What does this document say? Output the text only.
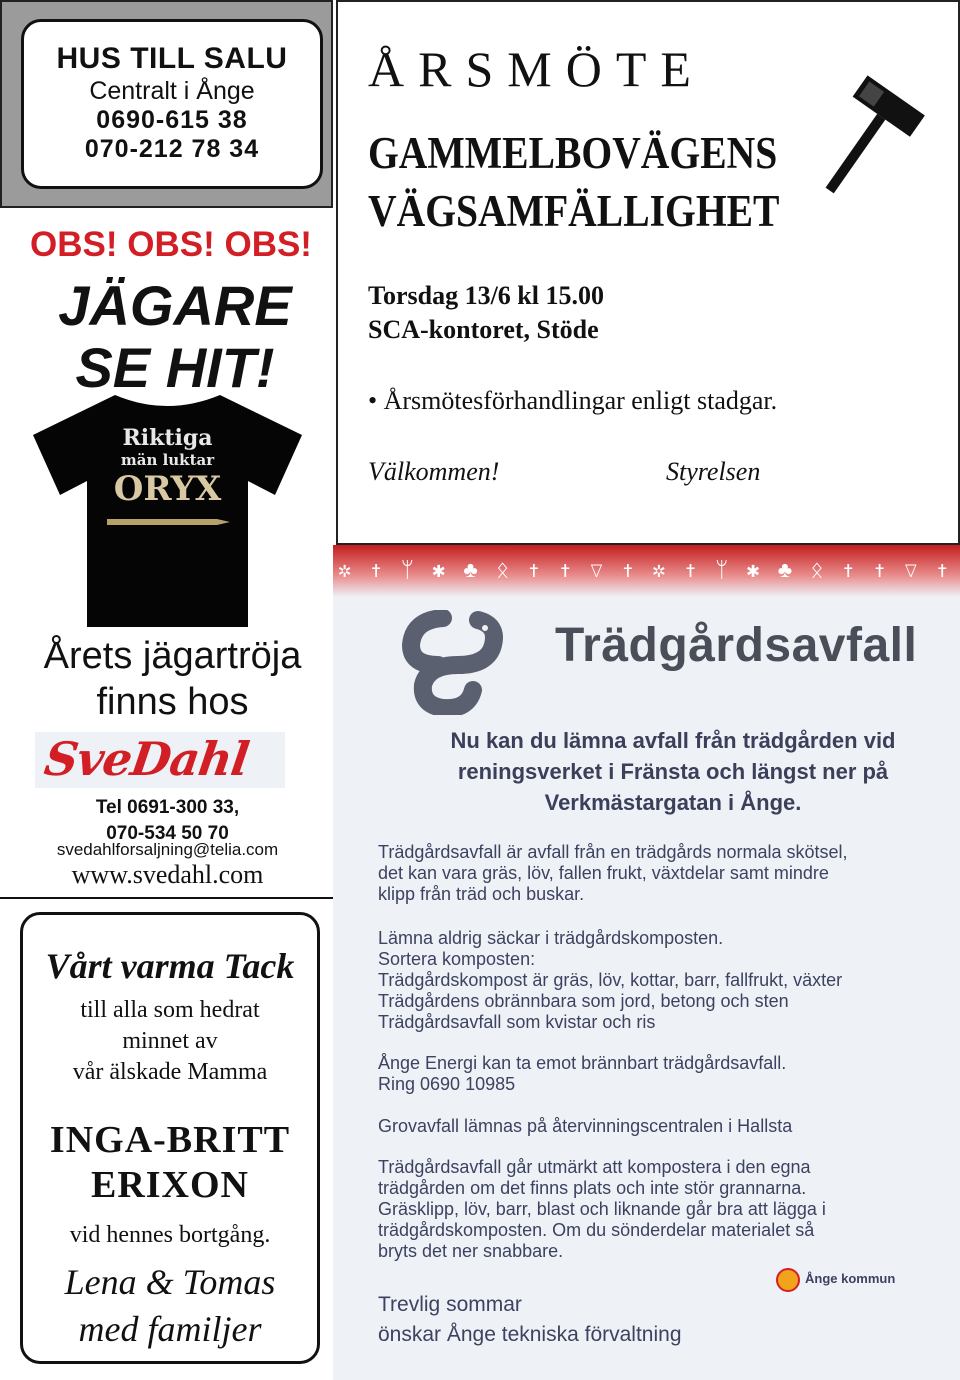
HUS TILL SALU
Centralt i Ånge
0690-615 38
070-212 78 34
OBS! OBS! OBS!
JÄGARE
SE HIT!
Riktiga
män luktar
ORYX
Årets jägartröja
finns hos
SveDahl
Tel 0691-300 33,
070-534 50 70
svedahlforsaljning@telia.com
www.svedahl.com
Vårt varma Tack
till alla som hedrat
minnet av
vår älskade Mamma
INGA-BRITT
ERIXON
vid hennes bortgång.
Lena & Tomas
med familjer
ÅRSMÖTE
GAMMELBOVÄGENS
VÄGSAMFÄLLIGHET
Torsdag 13/6 kl 15.00
SCA-kontoret, Stöde
• Årsmötesförhandlingar enligt stadgar.
Välkommen!	Styrelsen
✲ ✝ ᛘ ✱ ♣ ᛟ ✝ ✝ ∇ ✝ ✲ ✝ ᛘ ✱ ♣ ᛟ ✝ ✝ ∇ ✝
Trädgårdsavfall
Nu kan du lämna avfall från trädgården vid
reningsverket i Fränsta och längst ner på
Verkmästargatan i Ånge.
Trädgårdsavfall är avfall från en trädgårds normala skötsel,
det kan vara gräs, löv, fallen frukt, växtdelar samt mindre
klipp från träd och buskar.
Lämna aldrig säckar i trädgårdskomposten.
Sortera komposten:
Trädgårdskompost är gräs, löv, kottar, barr, fallfrukt, växter
Trädgårdens obrännbara som jord, betong och sten
Trädgårdsavfall som kvistar och ris
Ånge Energi kan ta emot brännbart trädgårdsavfall.
Ring 0690 10985
Grovavfall lämnas på återvinningscentralen i Hallsta
Trädgårdsavfall går utmärkt att kompostera i den egna
trädgården om det finns plats och inte stör grannarna.
Gräsklipp, löv, barr, blast och liknande går bra att lägga i
trädgårdskomposten. Om du sönderdelar materialet så
bryts det ner snabbare.
Ånge kommun
Trevlig sommar
önskar Ånge tekniska förvaltning
